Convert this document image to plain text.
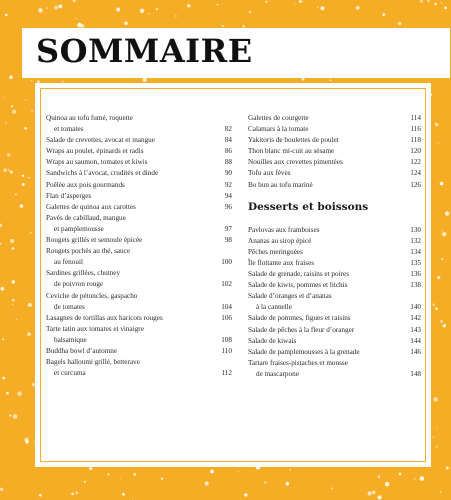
SOMMAIRE
Quinoa au tofu fumé, roquette
et tomates	82
Salade de crevettes, avocat et mangue	84
Wraps au poulet, épinards et radis	86
Wraps au saumon, tomates et kiwis	88
Sandwichs à l’avocat, crudités et dinde	90
Poêlée aux pois gourmands	92
Flan d’asperges	94
Galettes de quinoa aux carottes	96
Pavés de cabillaud, mangue
et pamplemousse	97
Rougets grillés et semoule épicée	98
Rougets pochés au thé, sauce
au fenouil	100
Sardines grillées, chutney
de poivron rouge	102
Ceviche de pétoncles, gaspacho
de tomates	104
Lasagnes de tortillas aux haricots rouges	106
Tarte tatin aux tomates et vinaigre
balsamique	108
Buddha bowl d’automne	110
Bagels halloumi grillé, betterave
et curcuma	112
Galettes de courgette	114
Calamars à la tomate	116
Yakitoris de boulettes de poulet	118
Thon blanc mi-cuit au sésame	120
Nouilles aux crevettes pimentées	122
Tofu aux fèves	124
Bo bun au tofu mariné	126
Desserts et boissons
Pavlovas aux framboises	130
Ananas au sirop épicé	132
Pêches meringuées	134
Île flottante aux fraises	135
Salade de grenade, raisins et poires	136
Salade de kiwis, pommes et litchis	138
Salade d’oranges et d’ananas
à la cannelle	140
Salade de pommes, figues et raisins	142
Salade de pêches à la fleur d’oranger	143
Salade de kiwais	144
Salade de pamplemousses à la grenade	146
Tartare fraises-pistaches et mousse
de mascarpone	148
